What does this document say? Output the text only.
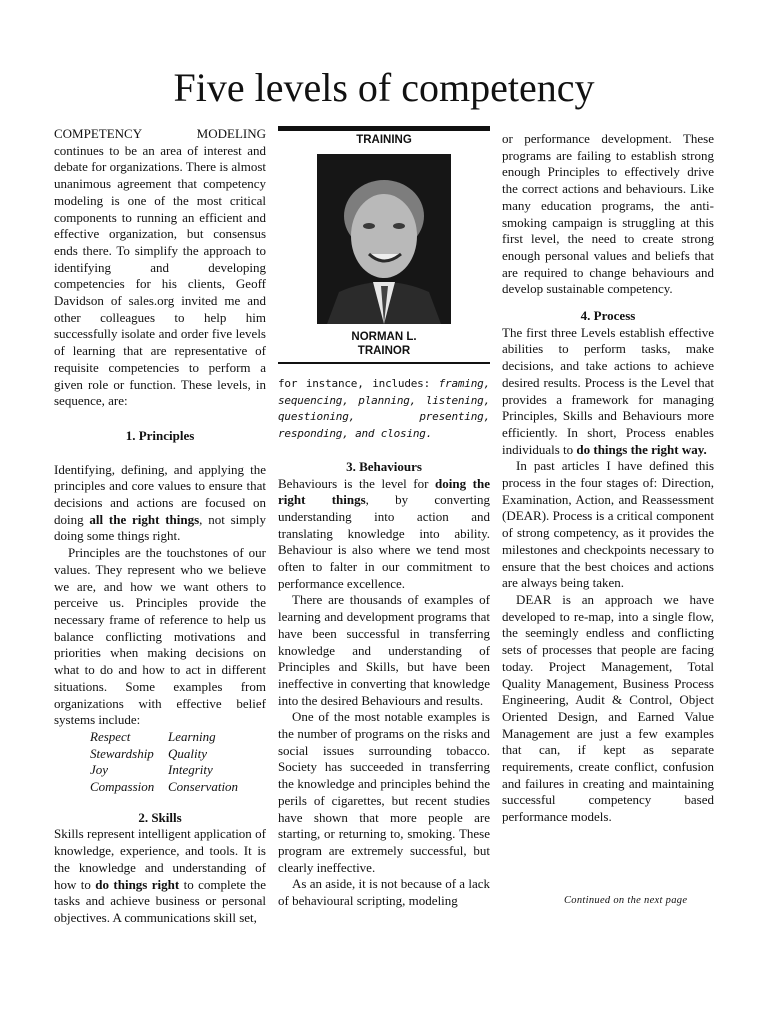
Five levels of competency

COMPETENCY MODELING continues to be an area of interest and debate for organizations. There is almost unanimous agreement that competency modeling is one of the most critical components to running an efficient and effective organization, but consensus ends there. To simplify the approach to identifying and developing competencies for his clients, Geoff Davidson of sales.org invited me and other colleagues to help him successfully isolate and order five levels of learning that are representative of requisite competencies to perform a given role or function. These levels, in sequence, are:

1. Principles

Identifying, defining, and applying the principles and core values to ensure that decisions and actions are focused on doing all the right things, not simply doing some things right.

Principles are the touchstones of our values. They represent who we believe we are, and how we want others to perceive us. Principles provide the necessary frame of reference to help us balance conflicting motivations and priorities when making decisions on what to do and how to act in different situations. Some examples from organizations with effective belief systems include:

Respect	Learning
Stewardship	Quality
Joy	Integrity
Compassion	Conservation

2. Skills

Skills represent intelligent application of knowledge, experience, and tools. It is the knowledge and understanding of how to do things right to complete the tasks and achieve business or personal objectives. A communications skill set,

TRAINING
NORMAN L.
TRAINOR

for instance, includes: framing, sequencing, planning, listening, questioning, presenting, responding, and closing.

3. Behaviours

Behaviours is the level for doing the right things, by converting understanding into action and translating knowledge into ability. Behaviour is also where we tend most often to falter in our commitment to performance excellence.

There are thousands of examples of learning and development programs that have been successful in transferring knowledge and understanding of Principles and Skills, but have been ineffective in converting that knowledge into the desired Behaviours and results.

One of the most notable examples is the number of programs on the risks and social issues surrounding tobacco. Society has succeeded in transferring the knowledge and principles behind the perils of cigarettes, but recent studies have shown that more people are starting, or returning to, smoking. These program are extremely successful, but clearly ineffective.

As an aside, it is not because of a lack of behavioural scripting, modeling

or performance development. These programs are failing to establish strong enough Principles to effectively drive the correct actions and behaviours. Like many education programs, the anti-smoking campaign is struggling at this first level, the need to create strong enough personal values and beliefs that are required to change behaviours and develop sustainable competency.

4. Process

The first three Levels establish effective abilities to perform tasks, make decisions, and take actions to achieve desired results. Process is the Level that provides a framework for managing Principles, Skills and Behaviours more efficiently. In short, Process enables individuals to do things the right way.

In past articles I have defined this process in the four stages of: Direction, Examination, Action, and Reassessment (DEAR). Process is a critical component of strong competency, as it provides the milestones and checkpoints necessary to ensure that the best choices and actions are always being taken.

DEAR is an approach we have developed to re-map, into a single flow, the seemingly endless and conflicting sets of processes that people are facing today. Project Management, Total Quality Management, Business Process Engineering, Audit & Control, Object Oriented Design, and Earned Value Management are just a few examples that can, if kept as separate requirements, create conflict, confusion and failures in creating and maintaining successful competency based performance models.

Continued on the next page
